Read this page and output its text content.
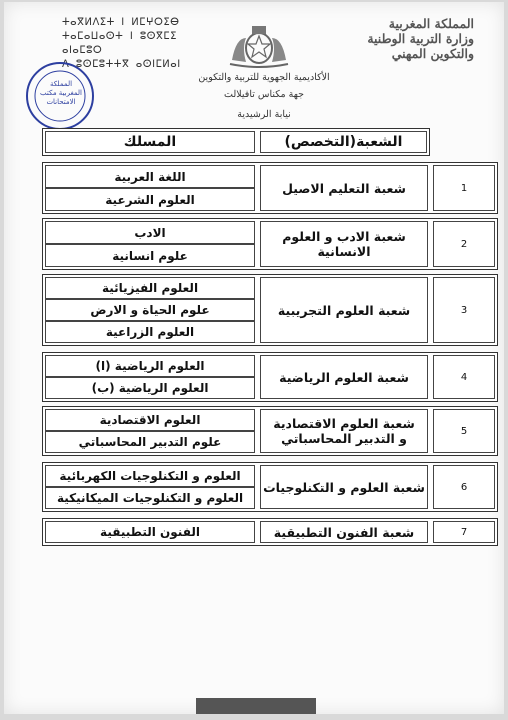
المملكة المغربية
وزارة التربية الوطنية
والتكوين المهني
ⵜⴰⴳⵍⴷⵉⵜ ⵏ ⵍⵎⵖⵔⵉⴱ
ⵜⴰⵎⴰⵡⴰⵙⵜ ⵏ ⵓⵙⴳⵎⵉ ⴰⵏⴰⵎⵓⵔ
ⴷ ⵓⵙⵎⵓⵜⵜⴳ ⴰⵙⵏⵎⵍⴰⵏ
المملكة المغربية مكتب الامتحانات
الأكاديمية الجهوية للتربية والتكوين
جهة مكناس تافيلالت
نيابة الرشيدية
المسلك	الشعبة(التخصص)
اللغة العربية
العلوم الشرعية
شعبة التعليم الاصيل	1
الادب
علوم انسانية
شعبة الادب و العلوم الانسانية	2
العلوم الفيزيائية
علوم الحياة و الارض
العلوم الزراعية
شعبة العلوم التجريبية	3
العلوم الرياضية (ا)
العلوم الرياضية (ب)
شعبة العلوم الرياضية	4
العلوم الاقتصادية
علوم التدبير المحاسباتي
شعبة العلوم الاقتصادية
و التدبير المحاسباتي	5
العلوم و التكنلوجيات الكهربائية
العلوم و التكنلوجيات الميكانيكية
شعبة العلوم و التكنلوجيات	6
الفنون التطبيقية	شعبة الفنون التطبيقية	7
